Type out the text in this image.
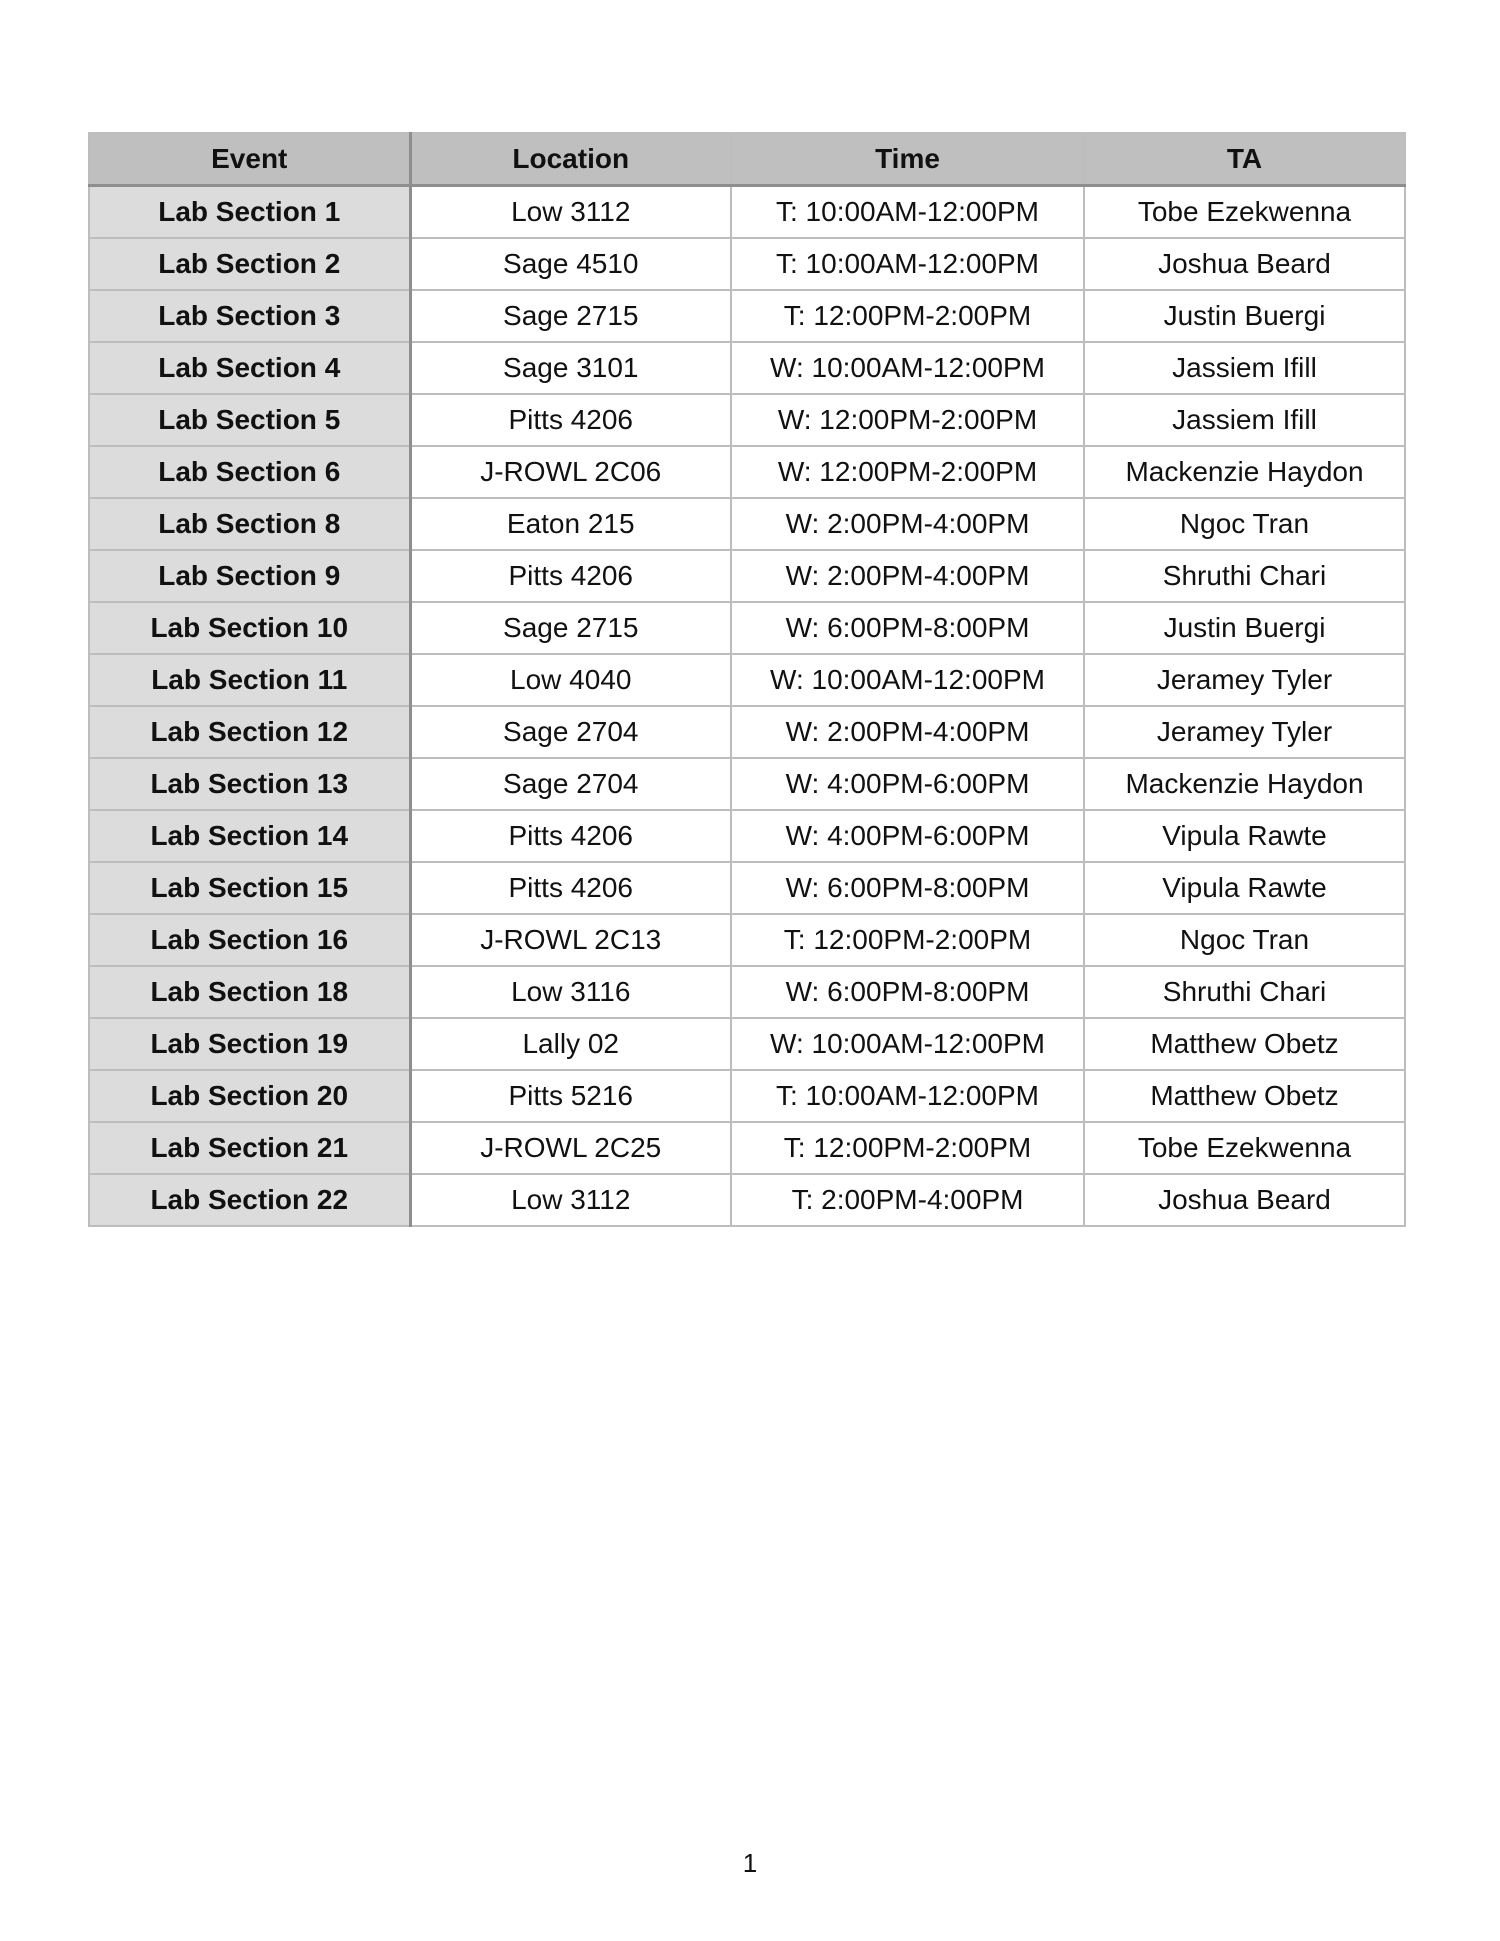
Event	Location	Time	TA
Lab Section 1	Low 3112	T: 10:00AM-12:00PM	Tobe Ezekwenna
Lab Section 2	Sage 4510	T: 10:00AM-12:00PM	Joshua Beard
Lab Section 3	Sage 2715	T: 12:00PM-2:00PM	Justin Buergi
Lab Section 4	Sage 3101	W: 10:00AM-12:00PM	Jassiem Ifill
Lab Section 5	Pitts 4206	W: 12:00PM-2:00PM	Jassiem Ifill
Lab Section 6	J-ROWL 2C06	W: 12:00PM-2:00PM	Mackenzie Haydon
Lab Section 8	Eaton 215	W: 2:00PM-4:00PM	Ngoc Tran
Lab Section 9	Pitts 4206	W: 2:00PM-4:00PM	Shruthi Chari
Lab Section 10	Sage 2715	W: 6:00PM-8:00PM	Justin Buergi
Lab Section 11	Low 4040	W: 10:00AM-12:00PM	Jeramey Tyler
Lab Section 12	Sage 2704	W: 2:00PM-4:00PM	Jeramey Tyler
Lab Section 13	Sage 2704	W: 4:00PM-6:00PM	Mackenzie Haydon
Lab Section 14	Pitts 4206	W: 4:00PM-6:00PM	Vipula Rawte
Lab Section 15	Pitts 4206	W: 6:00PM-8:00PM	Vipula Rawte
Lab Section 16	J-ROWL 2C13	T: 12:00PM-2:00PM	Ngoc Tran
Lab Section 18	Low 3116	W: 6:00PM-8:00PM	Shruthi Chari
Lab Section 19	Lally 02	W: 10:00AM-12:00PM	Matthew Obetz
Lab Section 20	Pitts 5216	T: 10:00AM-12:00PM	Matthew Obetz
Lab Section 21	J-ROWL 2C25	T: 12:00PM-2:00PM	Tobe Ezekwenna
Lab Section 22	Low 3112	T: 2:00PM-4:00PM	Joshua Beard
1
